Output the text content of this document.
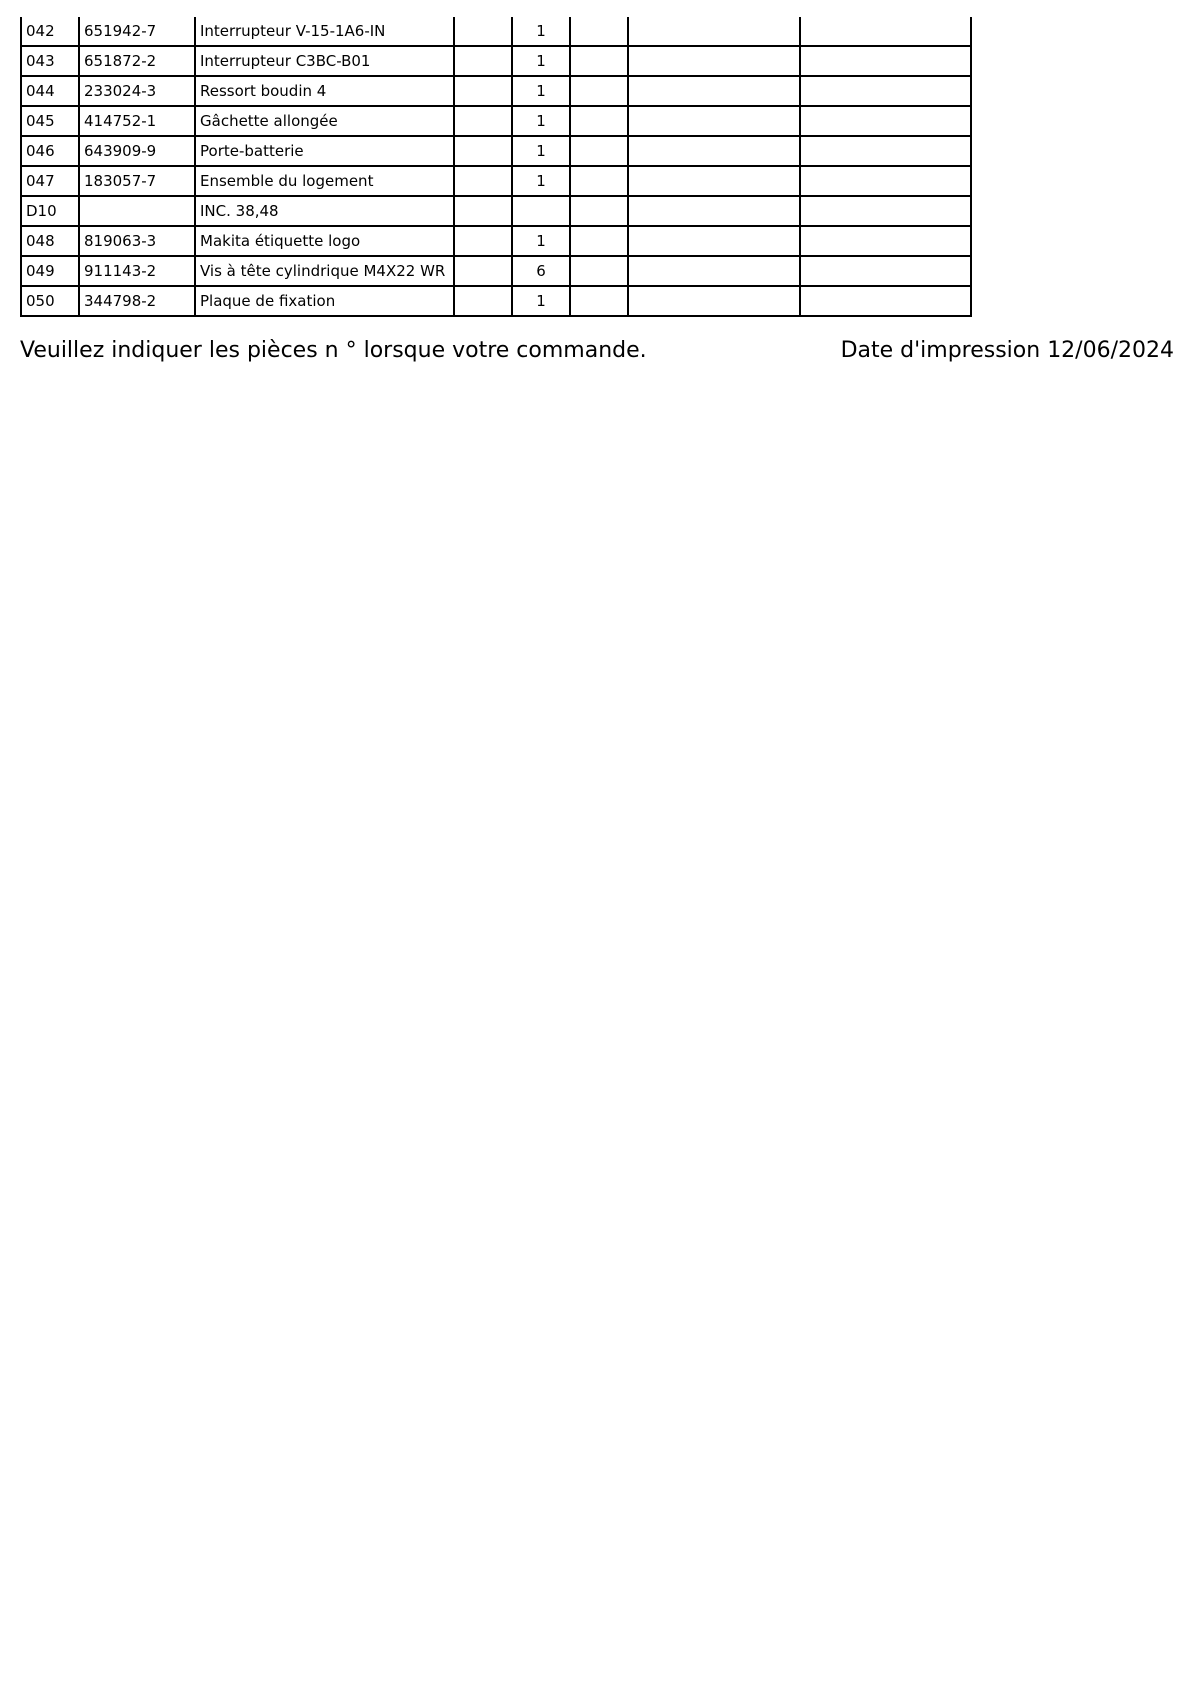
042	651942-7	Interrupteur V-15-1A6-IN		1			
043	651872-2	Interrupteur C3BC-B01		1			
044	233024-3	Ressort boudin 4		1			
045	414752-1	Gâchette allongée		1			
046	643909-9	Porte-batterie		1			
047	183057-7	Ensemble du logement		1			
D10		INC. 38,48					
048	819063-3	Makita étiquette logo		1			
049	911143-2	Vis à tête cylindrique M4X22 WR		6			
050	344798-2	Plaque de fixation		1			
Veuillez indiquer les pièces n ° lorsque votre commande.	Date d'impression 12/06/2024
